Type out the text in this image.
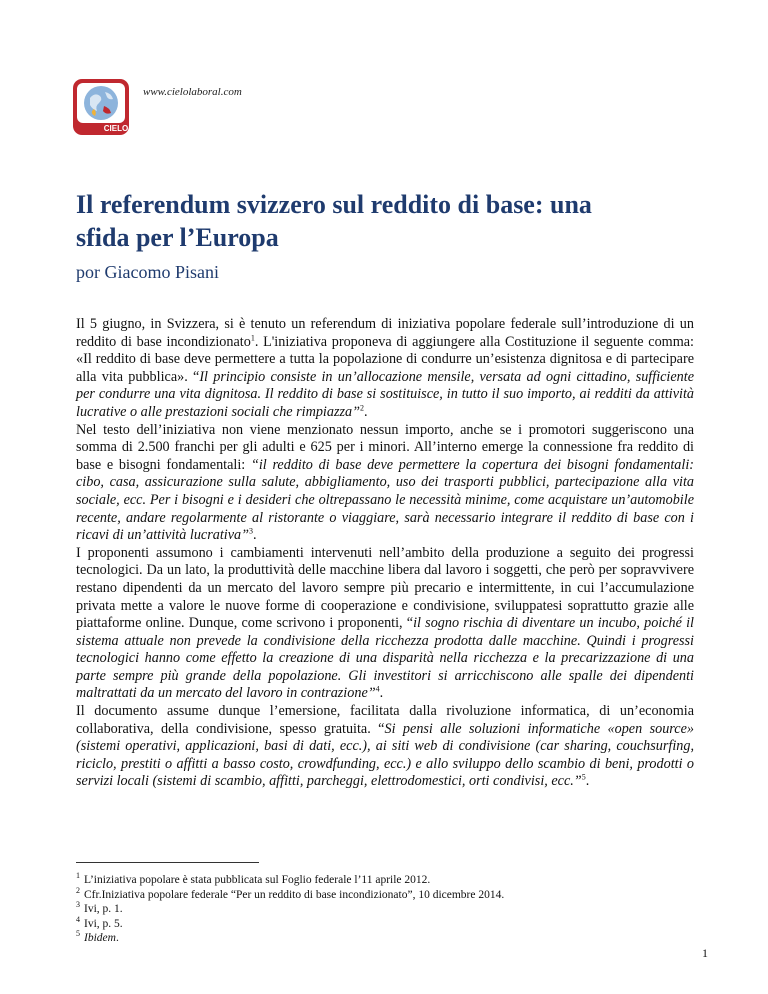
CIELO
www.cielolaboral.com
Il referendum svizzero sul reddito di base: una
sfida per l’Europa
por Giacomo Pisani

Il 5 giugno, in Svizzera, si è tenuto un referendum di iniziativa popolare federale sull’introduzione di un reddito di base incondizionato$^1$. L'iniziativa proponeva di aggiungere alla Costituzione il seguente comma: «Il reddito di base deve permettere a tutta la popolazione di condurre un’esistenza dignitosa e di partecipare alla vita pubblica». “Il principio consiste in un’allocazione mensile, versata ad ogni cittadino, sufficiente per condurre una vita dignitosa. Il reddito di base si sostituisce, in tutto il suo importo, ai redditi da attività lucrative o alle prestazioni sociali che rimpiazza”$^2$.

Nel testo dell’iniziativa non viene menzionato nessun importo, anche se i promotori suggeriscono una somma di 2.500 franchi per gli adulti e 625 per i minori. All’interno emerge la connessione fra reddito di base e bisogni fondamentali: “il reddito di base deve permettere la copertura dei bisogni fondamentali: cibo, casa, assicurazione sulla salute, abbigliamento, uso dei trasporti pubblici, partecipazione alla vita sociale, ecc. Per i bisogni e i desideri che oltrepassano le necessità minime, come acquistare un’automobile recente, andare regolarmente al ristorante o viaggiare, sarà necessario integrare il reddito di base con i ricavi di un’attività lucrativa”$^3$.

I proponenti assumono i cambiamenti intervenuti nell’ambito della produzione a seguito dei progressi tecnologici. Da un lato, la produttività delle macchine libera dal lavoro i soggetti, che però per sopravvivere restano dipendenti da un mercato del lavoro sempre più precario e intermittente, in cui l’accumulazione privata mette a valore le nuove forme di cooperazione e condivisione, sviluppatesi soprattutto grazie alle piattaforme online. Dunque, come scrivono i proponenti, “il sogno rischia di diventare un incubo, poiché il sistema attuale non prevede la condivisione della ricchezza prodotta dalle macchine. Quindi i progressi tecnologici hanno come effetto la creazione di una disparità nella ricchezza e la precarizzazione di una parte sempre più grande della popolazione. Gli investitori si arricchiscono alle spalle dei dipendenti maltrattati da un mercato del lavoro in contrazione”$^4$.

Il documento assume dunque l’emersione, facilitata dalla rivoluzione informatica, di un’economia collaborativa, della condivisione, spesso gratuita. “Si pensi alle soluzioni informatiche «open source» (sistemi operativi, applicazioni, basi di dati, ecc.), ai siti web di condivisione (car sharing, couchsurfing, riciclo, prestiti o affitti a basso costo, crowdfunding, ecc.) e allo sviluppo dello scambio di beni, prodotti o servizi locali (sistemi di scambio, affitti, parcheggi, elettrodomestici, orti condivisi, ecc.”$^5$.

1 L’iniziativa popolare è stata pubblicata sul Foglio federale l’11 aprile 2012.
2 Cfr.Iniziativa popolare federale “Per un reddito di base incondizionato”, 10 dicembre 2014.
3 Ivi, p. 1.
4 Ivi, p. 5.
5 Ibidem.
1
